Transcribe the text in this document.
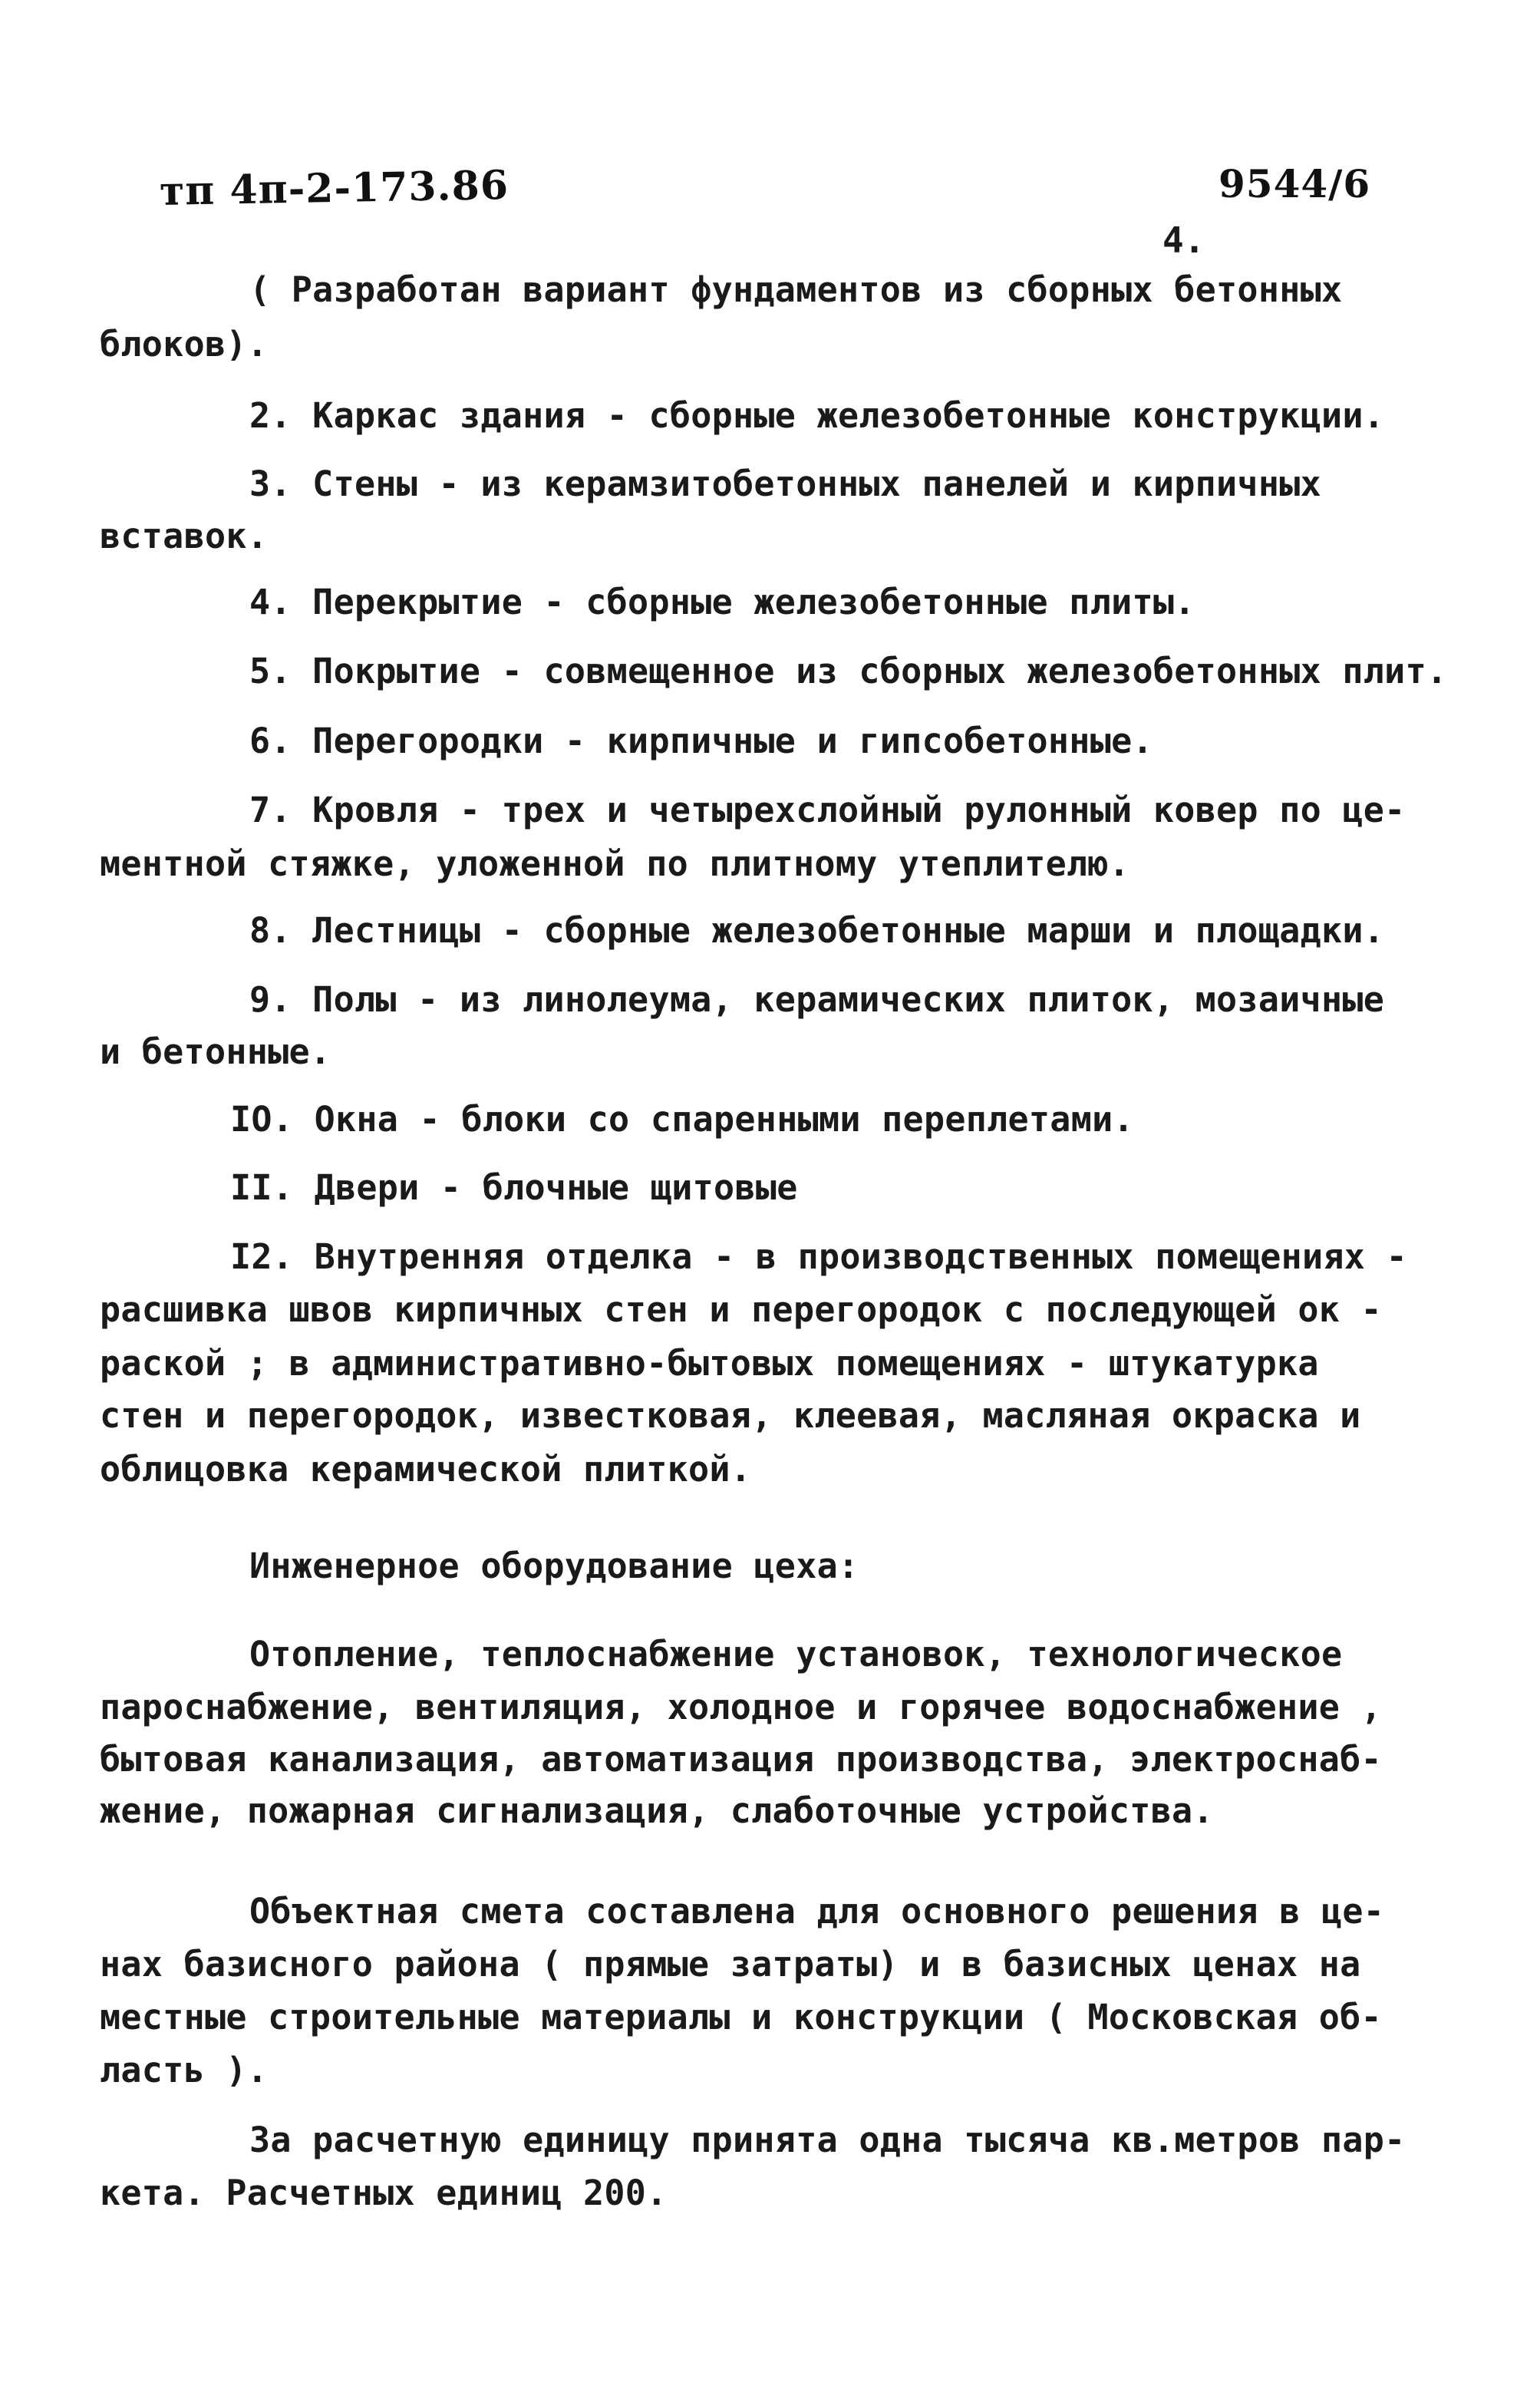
тп 4п-2-173.86	9544/6
4.
( Разработан вариант фундаментов из сборных бетонных
блоков).
2. Каркас здания - сборные железобетонные конструкции.
3. Стены - из керамзитобетонных панелей и кирпичных
вставок.
4. Перекрытие - сборные железобетонные плиты.
5. Покрытие - совмещенное из сборных железобетонных плит.
6. Перегородки - кирпичные и гипсобетонные.
7. Кровля - трех и четырехслойный рулонный ковер по це-
ментной стяжке, уложенной по плитному утеплителю.
8. Лестницы - сборные железобетонные марши и площадки.
9. Полы - из линолеума, керамических плиток, мозаичные
и бетонные.
IO. Окна - блоки со спаренными переплетами.
II. Двери - блочные щитовые
I2. Внутренняя отделка - в производственных помещениях -
расшивка швов кирпичных стен и перегородок с последующей ок -
раской ; в административно-бытовых помещениях - штукатурка
стен и перегородок, известковая, клеевая, масляная окраска и
облицовка керамической плиткой.
Инженерное оборудование цеха:
Отопление, теплоснабжение установок, технологическое
пароснабжение, вентиляция, холодное и горячее водоснабжение ,
бытовая канализация, автоматизация производства, электроснаб-
жение, пожарная сигнализация, слаботочные устройства.
Объектная смета составлена для основного решения в це-
нах базисного района ( прямые затраты) и в базисных ценах на
местные строительные материалы и конструкции ( Московская об-
ласть ).
За расчетную единицу принята одна тысяча кв.метров пар-
кета. Расчетных единиц 200.
